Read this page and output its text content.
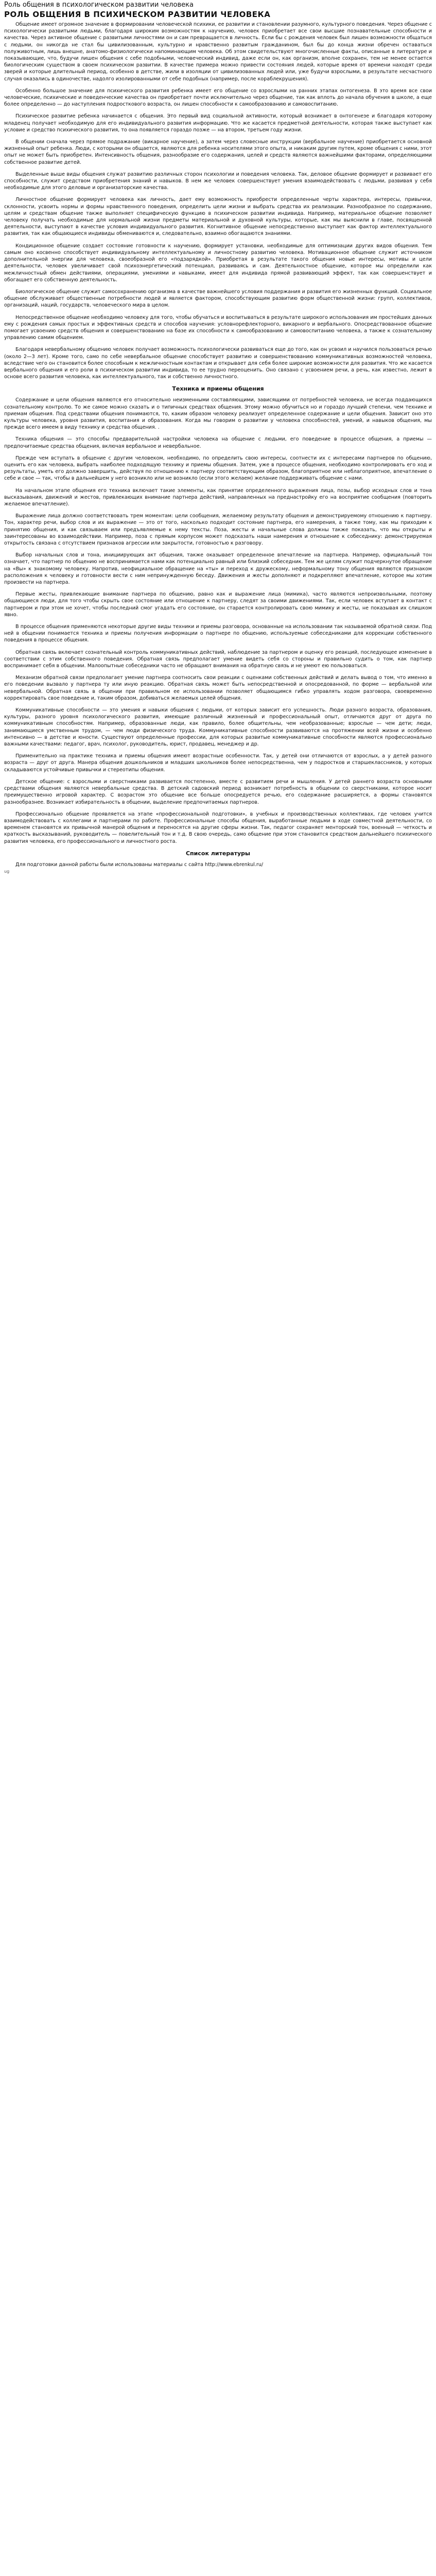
Роль общения в психологическом развитии человека
РОЛЬ ОБЩЕНИЯ В ПСИХИЧЕСКОМ РАЗВИТИИ ЧЕЛОВЕКА

Общение имеет огромное значение в формировании человеческой психики, ее развитии и становлении разумного, культурного поведения. Через общение с психологически развитыми людьми, благодаря широким возможностям к научению, человек приобретает все свои высшие познавательные способности и качества. Через активное общение с развитыми личностями он и сам превращается в личность. Если бы с рождения человек был лишен возможности общаться с людьми, он никогда не стал бы цивилизованным, культурно и нравственно развитым гражданином, был бы до конца жизни обречен оставаться полуживотным, лишь внешне, анатомо-физиологически напоминающим человека. Об этом свидетельствуют многочисленные факты, описанные в литературе и показывающие, что, будучи лишен общения с себе подобными, человеческий индивид, даже если он, как организм, вполне сохранен, тем не менее остается биологическим существом в своем психическом развитии. В качестве примера можно привести состояния людей, которые время от времени находят среди зверей и которые длительный период, особенно в детстве, жили в изоляции от цивилизованных людей или, уже будучи взрослыми, в результате несчастного случая оказались в одиночестве, надолго изолированными от себе подобных (например, после кораблекрушения).

Особенно большое значение для психического развития ребенка имеет его общение со взрослыми на ранних этапах онтогенеза. В это время все свои человеческие, психические и поведенческие качества он приобретает почти исключительно через общение, так как вплоть до начала обучения в школе, а еще более определенно — до наступления подросткового возраста, он лишен способности к самообразованию и самовоспитанию.

Психическое развитие ребенка начинается с общения. Это первый вид социальной активности, который возникает в онтогенезе и благодаря которому младенец получает необходимую для его индивидуального развития информацию. Что же касается предметной деятельности, которая также выступает как условие и средство психического развития, то она появляется гораздо позже — на втором, третьем году жизни.

В общении сначала через прямое подражание (викарное научение), а затем через словесные инструкции (вербальное научение) приобретается основной жизненный опыт ребенка. Люди, с которыми он общается, являются для ребенка носителями этого опыта, и никаким другим путем, кроме общения с ними, этот опыт не может быть приобретен. Интенсивность общения, разнообразие его содержания, целей и средств являются важнейшими факторами, определяющими собственное развитие детей.

Выделенные выше виды общения служат развитию различных сторон психологии и поведения человека. Так, деловое общение формирует и развивает его способности, служит средством приобретения знаний и навыков. В нем же человек совершенствует умения взаимодействовать с людьми, развивая у себя необходимые для этого деловые и организаторские качества.

Личностное общение формирует человека как личность, дает ему возможность приобрести определенные черты характера, интересы, привычки, склонности, усвоить нормы и формы нравственного поведения, определить цели жизни и выбрать средства их реализации. Разнообразное по содержанию, целям и средствам общение также выполняет специфическую функцию в психическом развитии индивида. Например, материальное общение позволяет человеку получать необходимые для нормальной жизни предметы материальной и духовной культуры, которые, как мы выяснили в главе, посвященной деятельности, выступают в качестве условия индивидуального развития. Когнитивное общение непосредственно выступает как фактор интеллектуального развития, так как общающиеся индивиды обмениваются и, следовательно, взаимно обогащаются знаниями.

Кондиционное общение создает состояние готовности к научению, формирует установки, необходимые для оптимизации других видов общения. Тем самым оно косвенно способствует индивидуальному интеллектуальному и личностному развитию человека. Мотивационное общение служит источником дополнительной энергии для человека, своеобразной его «подзарядкой». Приобретая в результате такого общения новые интересы, мотивы и цели деятельности, человек увеличивает свой психоэнергетический потенциал, развиваясь и сам. Деятельностное общение, которое мы определили как межличностный обмен действиями, операциями, умениями и навыками, имеет для индивида прямой развивающий эффект, так как совершенствует и обогащает его собственную деятельность.

Биологическое общение служит самосохранению организма в качестве важнейшего условия поддержания и развития его жизненных функций. Социальное общение обслуживает общественные потребности людей и является фактором, способствующим развитию форм общественной жизни: групп, коллективов, организаций, наций, государств, человеческого мира в целом.

Непосредственное общение необходимо человеку для того, чтобы обучаться и воспитываться в результате широкого использования им простейших данных ему с рождения самых простых и эффективных средств и способов научения: условнорефлекторного, викарного и вербального. Опосредствованное общение помогает усвоению средств общения и совершенствованию на базе их способности к самообразованию и самовоспитанию человека, а также к сознательному управлению самим общением.

Благодаря невербальному общению человек получает возможность психологически развиваться еще до того, как он усвоил и научился пользоваться речью (около 2—3 лет). Кроме того, само по себе невербальное общение способствует развитию и совершенствованию коммуникативных возможностей человека, вследствие чего он становится более способным к межличностным контактам и открывает для себя более широкие возможности для развития. Что же касается вербального общения и его роли в психическом развитии индивида, то ее трудно переоценить. Оно связано с усвоением речи, а речь, как известно, лежит в основе всего развития человека, как интеллектуального, так и собственно личностного.

Техника и приемы общения

Содержание и цели общения являются его относительно неизменными составляющими, зависящими от потребностей человека, не всегда поддающихся сознательному контролю. То же самое можно сказать и о типичных средствах общения. Этому можно обучиться но и гораздо лучший степени, чем технике и приемам общения. Под средствами общения понимаются, то, каким образом человеку реализует определенное содержание и цели общения. Зависит оно это культуры человека, уровня развития, воспитания и образования. Когда мы говорим о развитии у человека способностей, умений, и навыков общения, мы прежде всего имеем в виду технику и средства общения. .

Техника общения — это способы предварительной настройки человека на общение с людьми, его поведение в процессе общения, а приемы — предпочитаемые средства общения, включая вербальное и невербальное.

Прежде чем вступать в общение с другим человеком, необходимо, по определить свою интересы, соотнести их с интересами партнеров по общению, оценить его как человека, выбрать наиболее подходящую технику и приемы общения. Затем, уже в процессе общения, необходимо контролировать его ход и результаты, уметь его должно завершить, действуя по отношению к партнеру соответствующим образом, благоприятное или неблагоприятное, впечатление о себе и свое — так, чтобы в дальнейшем у него возникло или не возникло (если этого желаем) желание поддерживать общение с нами.

На начальном этапе общения его техника включает такие элементы, как принятие определенного выражения лица, позы, выбор исходных слов и тона высказывания, движений и жестов, привлекающих внимание партнера действий, направленных на преднастройку его на восприятие сообщения (повторить желаемое впечатление).

Выражение лица должно соответствовать трем моментам: цели сообщения, желаемому результату общения и демонстрируемому отношению к партнеру. Тон, характер речи, выбор слов и их выражение — это от того, насколько подходит состояние партнера, его намерения, а также тому, как мы приходим к принятию общения, и как связываем или предъявляемые к нему тексты. Поза, жесты и начальные слова должны также показать, что мы открыты и заинтересованы во взаимодействии. Например, поза с прямым корпусом может подсказать наши намерения и отношение к собеседнику: демонстрируемая открытость связана с отсутствием признаков агрессии или закрытости, готовностью к разговору.

Выбор начальных слов и тона, инициирующих акт общения, также оказывает определенное впечатление на партнера. Например, официальный тон означает, что партнер по общению не воспринимается нами как потенциально равный или близкий собеседник. Тем же целям служит подчеркнутое обращение на «Вы» к знакомому человеку. Напротив, неофициальное обращение на «ты» и переход к дружескому, неформальному тону общения являются признаком расположения к человеку и готовности вести с ним непринужденную беседу. Движения и жесты дополняют и подкрепляют впечатление, которое мы хотим произвести на партнера.

Первые жесты, привлекающие внимание партнера по общению, равно как и выражение лица (мимика), часто являются непроизвольными, поэтому общающиеся люди, для того чтобы скрыть свое состояние или отношение к партнеру, следят за своими движениями. Так, если человек вступает в контакт с партнером и при этом не хочет, чтобы последний смог угадать его состояние, он старается контролировать свою мимику и жесты, не показывая их слишком явно.

В процессе общения применяются некоторые другие виды техники и приемы разговора, основанные на использовании так называемой обратной связи. Под ней в общении понимается техника и приемы получения информации о партнере по общению, используемые собеседниками для коррекции собственного поведения в процессе общения.

Обратная связь включает сознательный контроль коммуникативных действий, наблюдение за партнером и оценку его реакций, последующее изменение в соответствии с этим собственного поведения. Обратная связь предполагает умение видеть себя со стороны и правильно судить о том, как партнер воспринимает себя в общении. Малоопытные собеседники часто не обращают внимания на обратную связь и не умеют ею пользоваться.

Механизм обратной связи предполагает умение партнера соотносить свои реакции с оценками собственных действий и делать вывод о том, что именно в его поведении вызвало у партнера ту или иную реакцию. Обратная связь может быть непосредственной и опосредованной, по форме — вербальной или невербальной. Обратная связь в общении при правильном ее использовании позволяет общающимся гибко управлять ходом разговора, своевременно корректировать свое поведение и, таким образом, добиваться желаемых целей общения.

Коммуникативные способности — это умения и навыки общения с людьми, от которых зависит его успешность. Люди разного возраста, образования, культуры, разного уровня психологического развития, имеющие различный жизненный и профессиональный опыт, отличаются друг от друга по коммуникативным способностям. Например, образованные люди, как правило, более общительны, чем необразованные; взрослые — чем дети; люди, занимающиеся умственным трудом, — чем люди физического труда. Коммуникативные способности развиваются на протяжении всей жизни и особенно интенсивно — в детстве и юности. Существуют определенные профессии, для которых развитые коммуникативные способности являются профессионально важными качествами: педагог, врач, психолог, руководитель, юрист, продавец, менеджер и др.

Применительно на практике техника и приемы общения имеют возрастные особенности. Так, у детей они отличаются от взрослых, а у детей разного возраста — друг от друга. Манера общения дошкольников и младших школьников более непосредственна, чем у подростков и старшеклассников, у которых складываются устойчивые привычки и стереотипы общения.

Детское общение: с взрослыми и сверстниками развивается постепенно, вместе с развитием речи и мышления. У детей раннего возраста основными средствами общения являются невербальные средства. В детский садовский период возникает потребность в общении со сверстниками, которое носит преимущественно игровой характер. С возрастом это общение все больше опосредуется речью, его содержание расширяется, а формы становятся разнообразнее. Возникает избирательность в общении, выделение предпочитаемых партнеров.

Профессионально общение проявляется на этапе «профессиональной подготовки», в учебных и производственных коллективах, где человек учится взаимодействовать с коллегами и партнерами по работе. Профессиональные способы общения, выработанные людьми в ходе совместной деятельности, со временем становятся их привычной манерой общения и переносятся на другие сферы жизни. Так, педагог сохраняет менторский тон, военный — четкость и краткость высказываний, руководитель — повелительный тон и т.д. В свою очередь, само общение при этом становится средством дальнейшего психического развития человека, его профессионального и личностного роста.

Список литературы

Для подготовки данной работы были использованы материалы с сайта http://www.ebrenkul.ru/

ug
